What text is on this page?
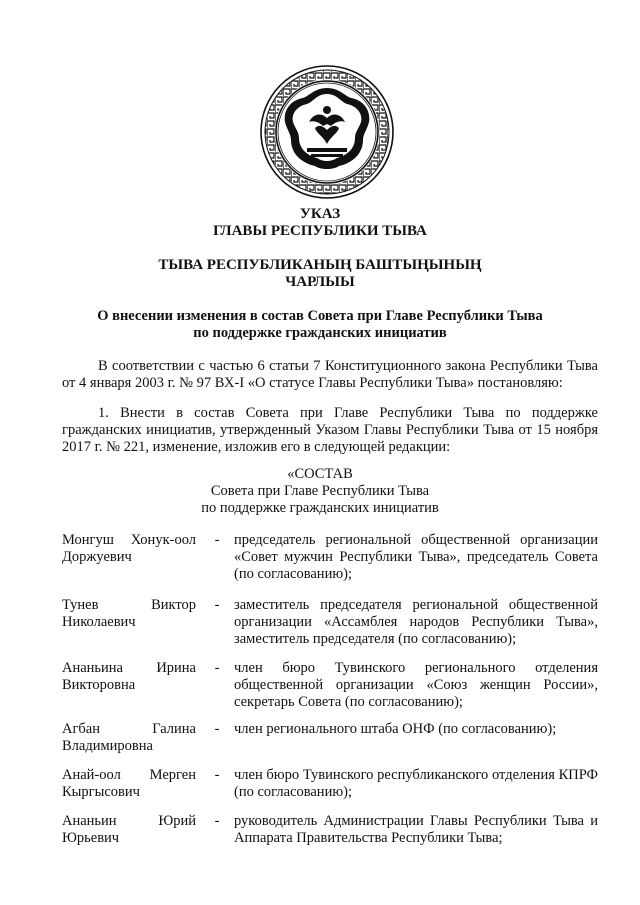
УКАЗ
ГЛАВЫ РЕСПУБЛИКИ ТЫВА
ТЫВА РЕСПУБЛИКАНЫҢ БАШТЫҢЫНЫҢ
ЧАРЛЫЫ
О внесении изменения в состав Совета при Главе Республики Тыва
по поддержке гражданских инициатив
В соответствии с частью 6 статьи 7 Конституционного закона Республики Тыва от 4 января 2003 г. № 97 ВХ-I «О статусе Главы Республики Тыва» постановляю:
1. Внести в состав Совета при Главе Республики Тыва по поддержке гражданских инициатив, утвержденный Указом Главы Республики Тыва от 15 ноября 2017 г. № 221, изменение, изложив его в следующей редакции:
«СОСТАВ
Совета при Главе Республики Тыва
по поддержке гражданских инициатив
Монгуш Хонук-оол
Доржуевич
- председатель региональной общественной организации «Совет мужчин Республики Тыва», председатель Совета (по согласованию);
Тунев	Виктор
Николаевич
- заместитель председателя региональной общественной организации «Ассамблея народов Республики Тыва», заместитель председателя (по согласованию);
Ананьина Ирина
Викторовна
- член бюро Тувинского регионального отделения общественной организации «Союз женщин России», секретарь Совета (по согласованию);
Агбан	Галина
Владимировна
- член регионального штаба ОНФ (по согласованию);
Анай-оол Мерген
Кыргысович
- член бюро Тувинского республиканского отделения КПРФ (по согласованию);
Ананьин	Юрий
Юрьевич
- руководитель Администрации Главы Республики Тыва и Аппарата Правительства Республики Тыва;
